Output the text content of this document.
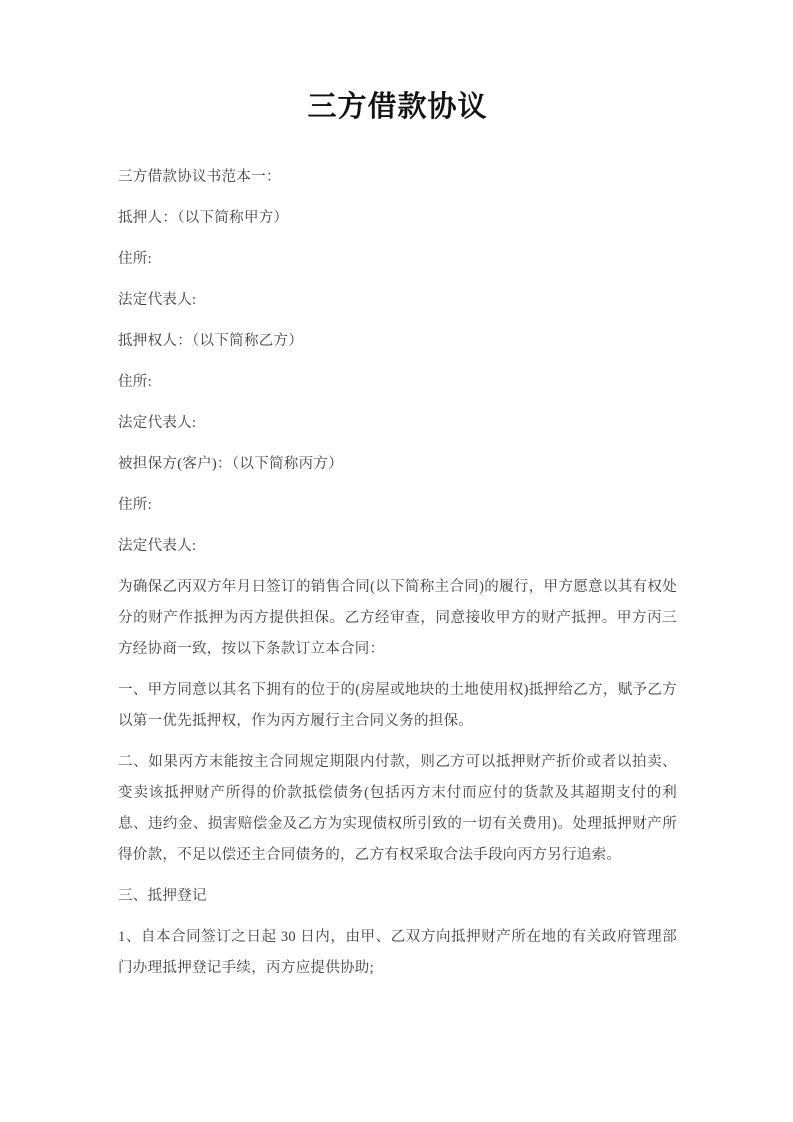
三方借款协议

三方借款协议书范本一：

抵押人：（以下简称甲方）

住所:

法定代表人:

抵押权人：（以下简称乙方）

住所:

法定代表人:

被担保方(客户)：（以下简称丙方）

住所:

法定代表人:

为确保乙丙双方年月日签订的销售合同(以下简称主合同)的履行，甲方愿意以其有权处分的财产作抵押为丙方提供担保。乙方经审查，同意接收甲方的财产抵押。甲方丙三方经协商一致，按以下条款订立本合同：

一、甲方同意以其名下拥有的位于的(房屋或地块的土地使用权)抵押给乙方，赋予乙方以第一优先抵押权，作为丙方履行主合同义务的担保。

二、如果丙方末能按主合同规定期限内付款，则乙方可以抵押财产折价或者以拍卖、变卖该抵押财产所得的价款抵偿债务(包括丙方末付而应付的货款及其超期支付的利息、违约金、损害赔偿金及乙方为实现债权所引致的一切有关费用)。处理抵押财产所得价款，不足以偿还主合同债务的，乙方有权采取合法手段向丙方另行追索。

三、抵押登记

1、自本合同签订之日起 30 日内，由甲、乙双方向抵押财产所在地的有关政府管理部门办理抵押登记手续，丙方应提供协助;
